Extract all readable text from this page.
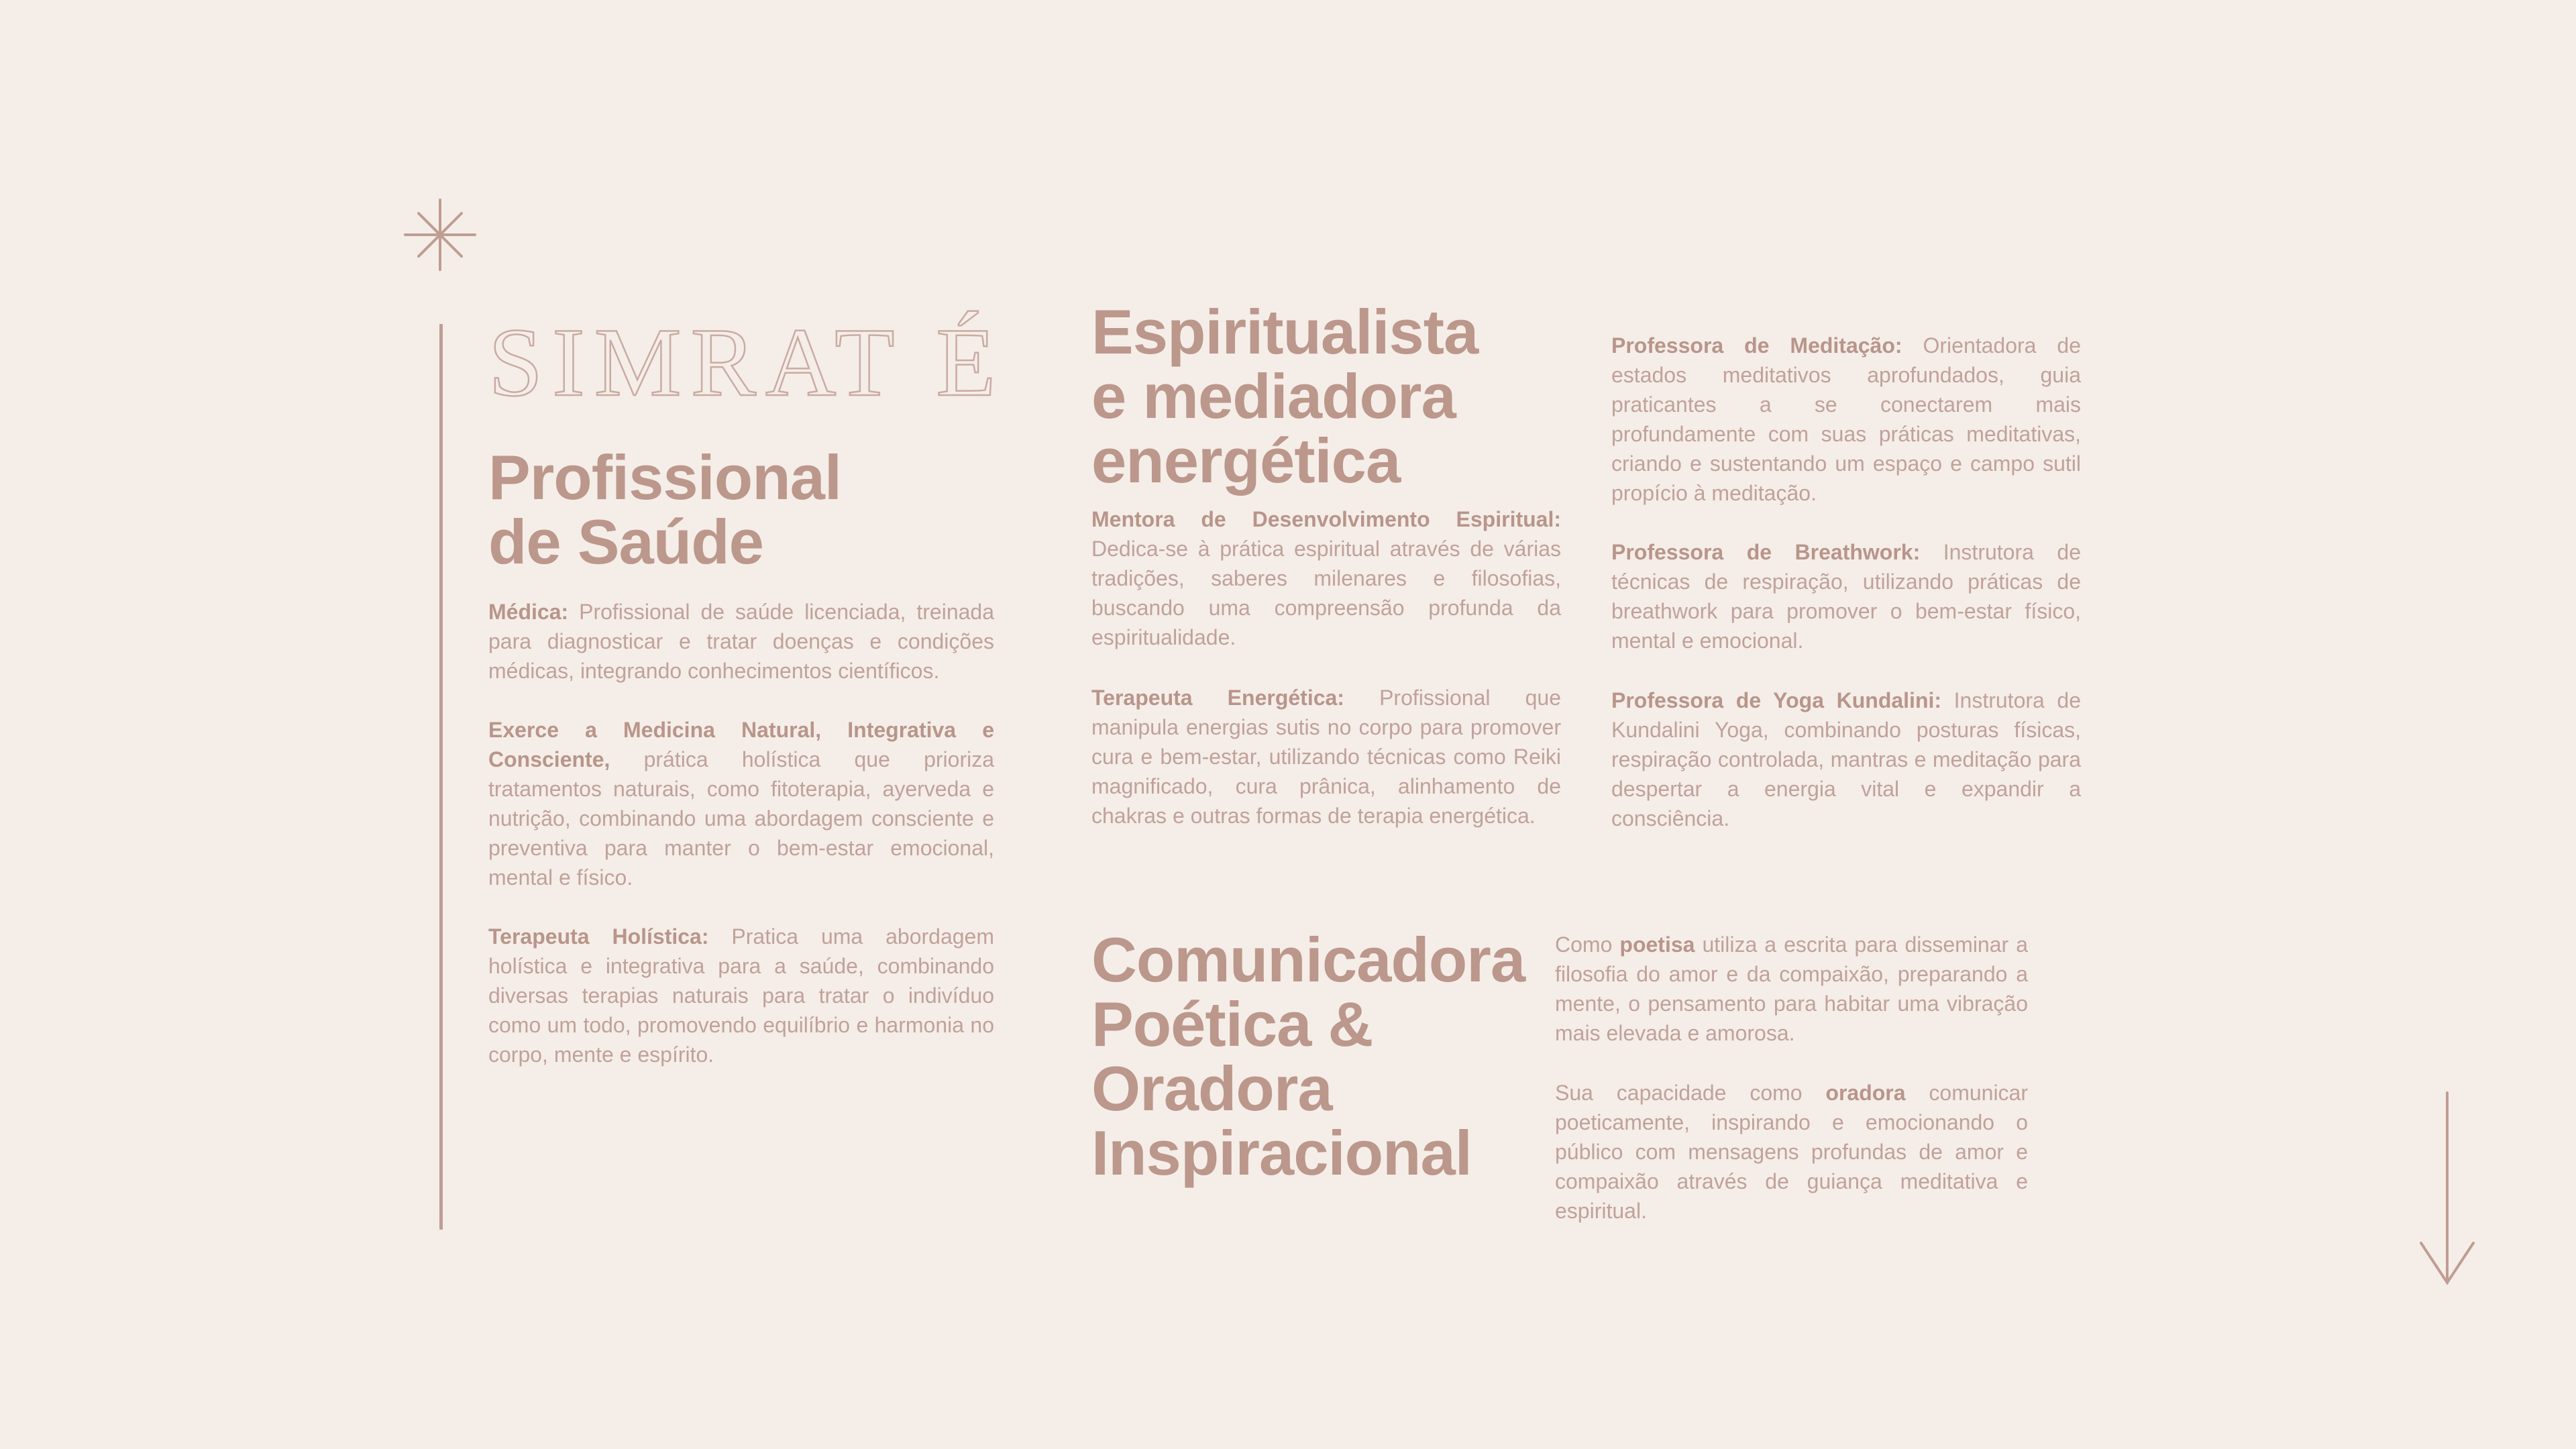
SIMRAT É
Profissional
de Saúde

Médica: Profissional de saúde licenciada, treinada para diagnosticar e tratar doenças e condições médicas, integrando conhecimentos científicos.

Exerce a Medicina Natural, Integrativa e Consciente, prática holística que prioriza tratamentos naturais, como fitoterapia, ayerveda e nutrição, combinando uma abordagem consciente e preventiva para manter o bem-estar emocional, mental e físico.

Terapeuta Holística: Pratica uma abordagem holística e integrativa para a saúde, combinando diversas terapias naturais para tratar o indivíduo como um todo, promovendo equilíbrio e harmonia no corpo, mente e espírito.

Espiritualista
e mediadora
energética

Mentora de Desenvolvimento Espiritual: Dedica-se à prática espiritual através de várias tradições, saberes milenares e filosofias, buscando uma compreensão profunda da espiritualidade.

Terapeuta Energética: Profissional que manipula energias sutis no corpo para promover cura e bem-estar, utilizando técnicas como Reiki magnificado, cura prânica, alinhamento de chakras e outras formas de terapia energética.

Professora de Meditação: Orientadora de estados meditativos aprofundados, guia praticantes a se conectarem mais profundamente com suas práticas meditativas, criando e sustentando um espaço e campo sutil propício à meditação.

Professora de Breathwork: Instrutora de técnicas de respiração, utilizando práticas de breathwork para promover o bem-estar físico, mental e emocional.

Professora de Yoga Kundalini: Instrutora de Kundalini Yoga, combinando posturas físicas, respiração controlada, mantras e meditação para despertar a energia vital e expandir a consciência.

Comunicadora
Poética &
Oradora
Inspiracional

Como poetisa utiliza a escrita para disseminar a filosofia do amor e da compaixão, preparando a mente, o pensamento para habitar uma vibração mais elevada e amorosa.

Sua capacidade como oradora comunicar poeticamente, inspirando e emocionando o público com mensagens profundas de amor e compaixão através de guiança meditativa e espiritual.
